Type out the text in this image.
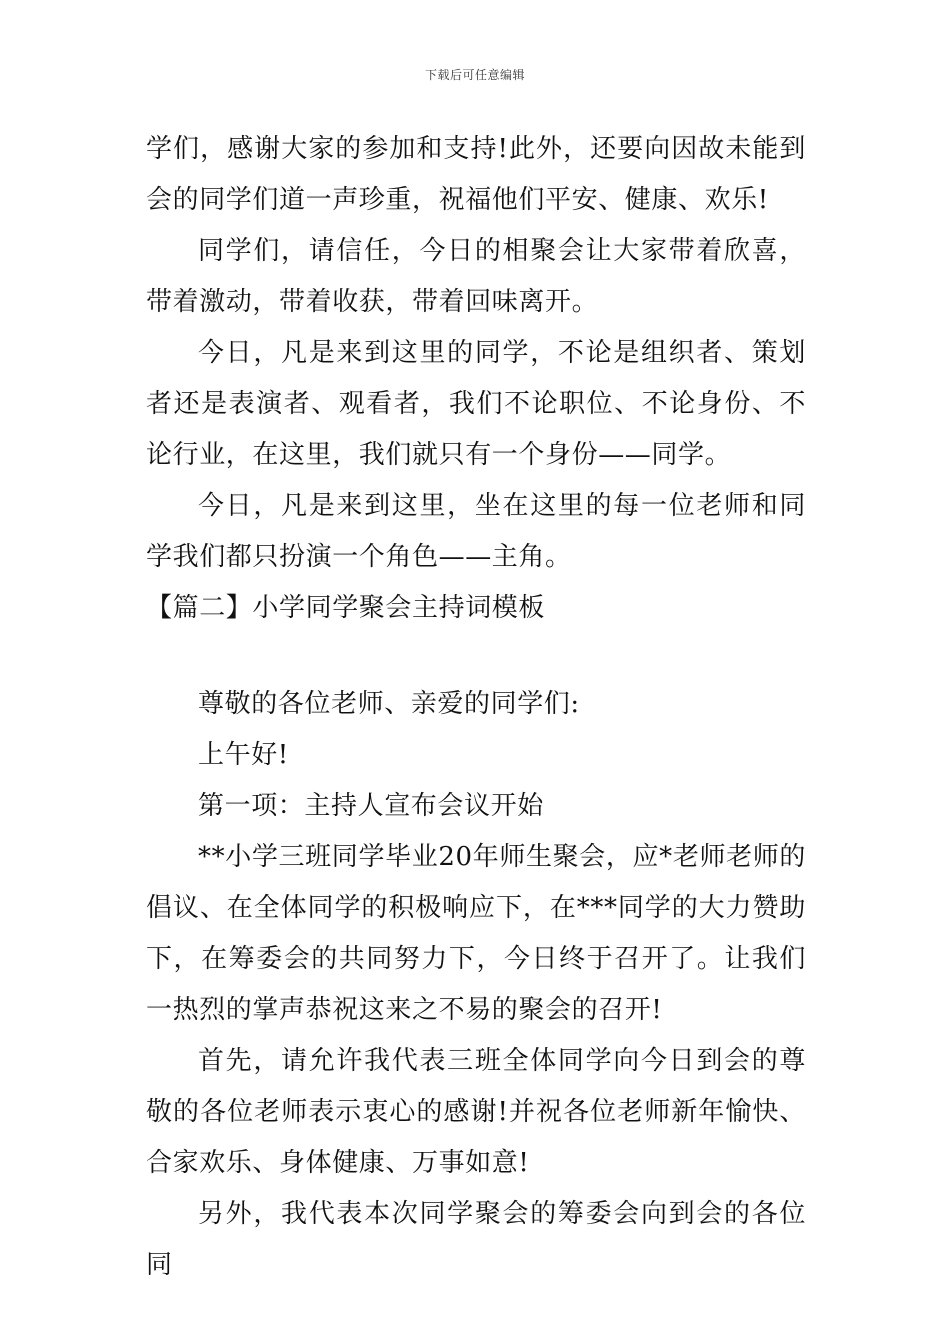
下载后可任意编辑

学们，感谢大家的参加和支持!此外，还要向因故未能到会的同学们道一声珍重，祝福他们平安、健康、欢乐!

同学们，请信任，今日的相聚会让大家带着欣喜，带着激动，带着收获，带着回味离开。

今日，凡是来到这里的同学，不论是组织者、策划者还是表演者、观看者，我们不论职位、不论身份、不论行业，在这里，我们就只有一个身份——同学。

今日，凡是来到这里，坐在这里的每一位老师和同学我们都只扮演一个角色——主角。

【篇二】小学同学聚会主持词模板

尊敬的各位老师、亲爱的同学们:

上午好!

第一项：主持人宣布会议开始

**小学三班同学毕业20年师生聚会，应*老师老师的倡议、在全体同学的积极响应下，在***同学的大力赞助下，在筹委会的共同努力下，今日终于召开了。让我们一热烈的掌声恭祝这来之不易的聚会的召开!

首先，请允许我代表三班全体同学向今日到会的尊敬的各位老师表示衷心的感谢!并祝各位老师新年愉快、合家欢乐、身体健康、万事如意!

另外，我代表本次同学聚会的筹委会向到会的各位同
